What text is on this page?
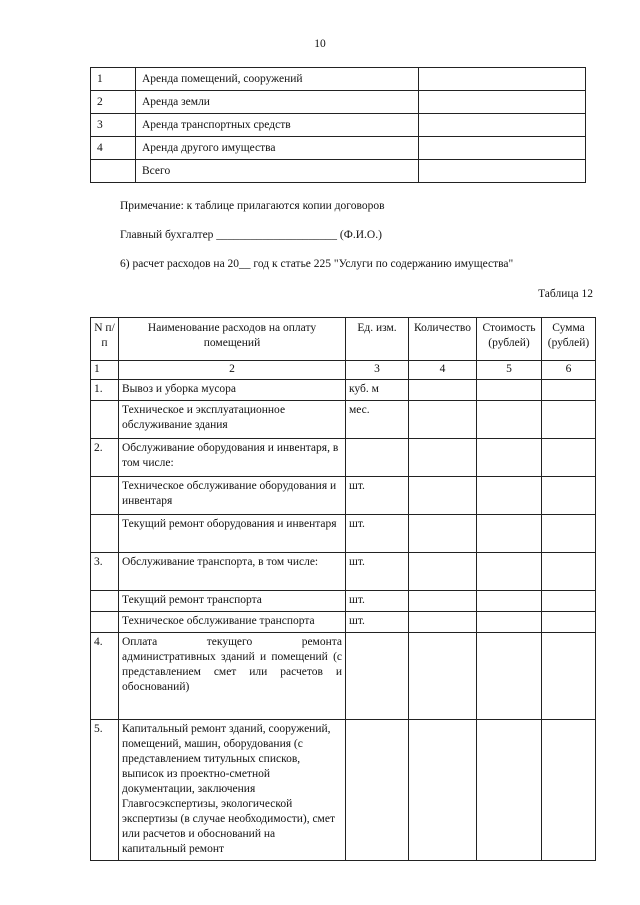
10
1	Аренда помещений, сооружений	
2	Аренда земли	
3	Аренда транспортных средств	
4	Аренда другого имущества	
	Всего	
Примечание: к таблице прилагаются копии договоров
Главный бухгалтер _____________________ (Ф.И.О.)
6) расчет расходов на 20__ год к статье 225 "Услуги по содержанию имущества"
Таблица 12
N п/п	Наименование расходов на оплату помещений	Ед. изм.	Количество	Стоимость (рублей)	Сумма (рублей)
1	2	3	4	5	6
1.	Вывоз и уборка мусора	куб. м			
	Техническое и эксплуатационное обслуживание здания	мес.			
2.	Обслуживание оборудования и инвентаря, в том числе:				
	Техническое обслуживание оборудования и инвентаря	шт.			
	Текущий ремонт оборудования и инвентаря	шт.			
3.	Обслуживание транспорта, в том числе:	шт.			
	Текущий ремонт транспорта	шт.			
	Техническое обслуживание транспорта	шт.			
4.	Оплата текущего ремонта административных зданий и помещений (с представлением смет или расчетов и обоснований)				
5.	Капитальный ремонт зданий, сооружений, помещений, машин, оборудования (с представлением титульных списков, выписок из проектно-сметной документации, заключения Главгосэкспертизы, экологической экспертизы (в случае необходимости), смет или расчетов и обоснований на капитальный ремонт				
